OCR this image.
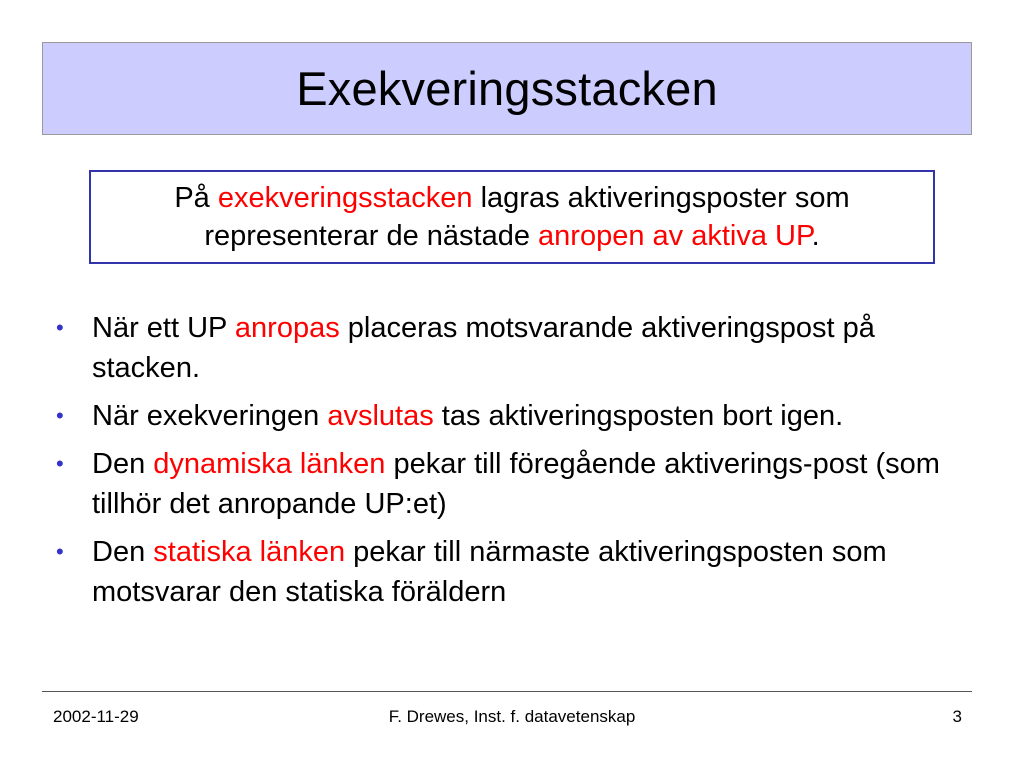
Exekveringsstacken
På exekveringsstacken lagras aktiveringsposter som representerar de nästade anropen av aktiva UP.
• När ett UP anropas placeras motsvarande aktiveringspost på stacken.
• När exekveringen avslutas tas aktiveringsposten bort igen.
• Den dynamiska länken pekar till föregående aktiverings-post (som tillhör det anropande UP:et)
• Den statiska länken pekar till närmaste aktiveringsposten som motsvarar den statiska föräldern
2002-11-29	F. Drewes, Inst. f. datavetenskap	3
